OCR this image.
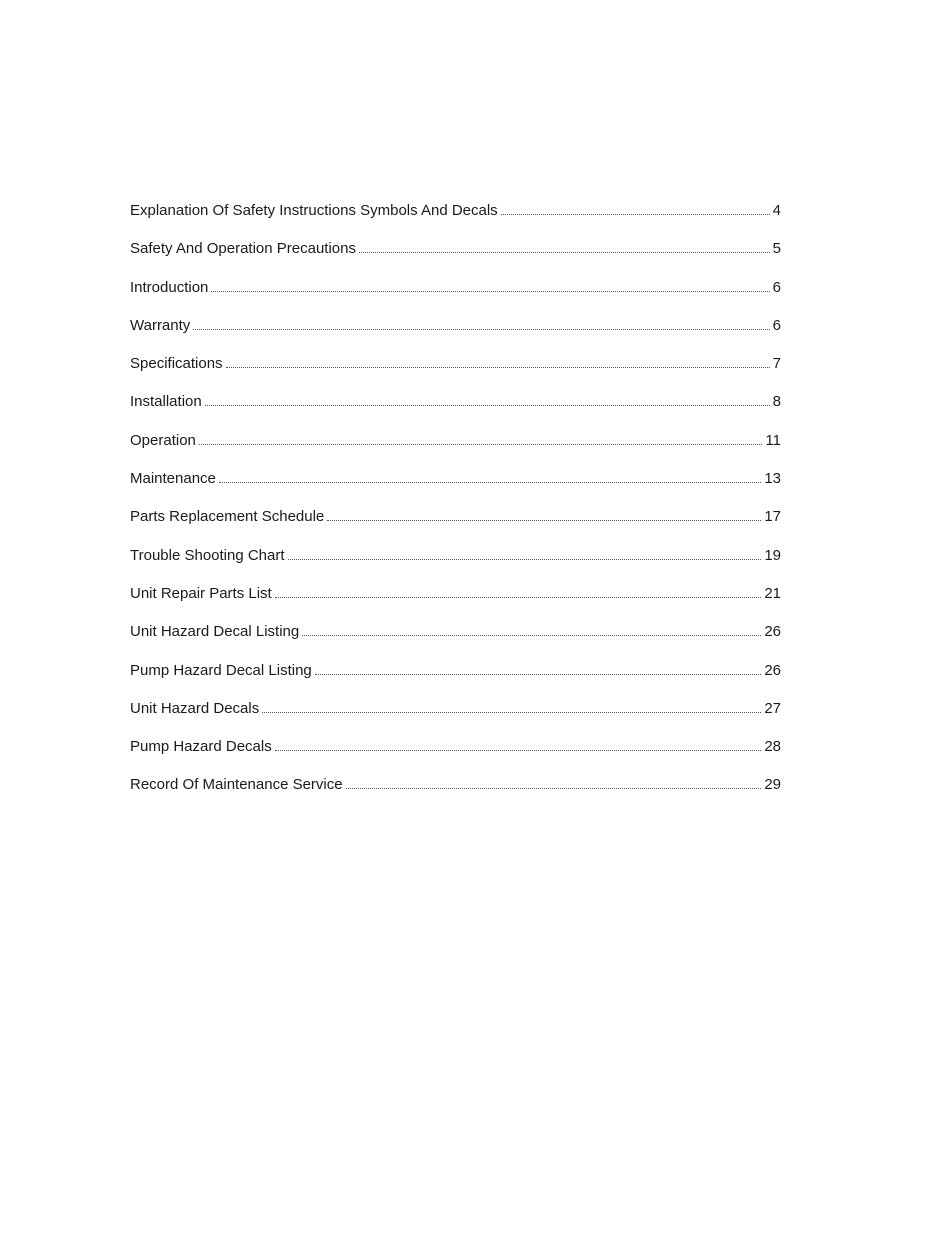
Explanation Of Safety Instructions Symbols And Decals	4
Safety And Operation Precautions	5
Introduction	6
Warranty	6
Specifications	7
Installation	8
Operation	11
Maintenance	13
Parts Replacement Schedule	17
Trouble Shooting Chart	19
Unit Repair Parts List	21
Unit Hazard Decal Listing	26
Pump Hazard Decal Listing	26
Unit Hazard Decals	27
Pump Hazard Decals	28
Record Of Maintenance Service	29
